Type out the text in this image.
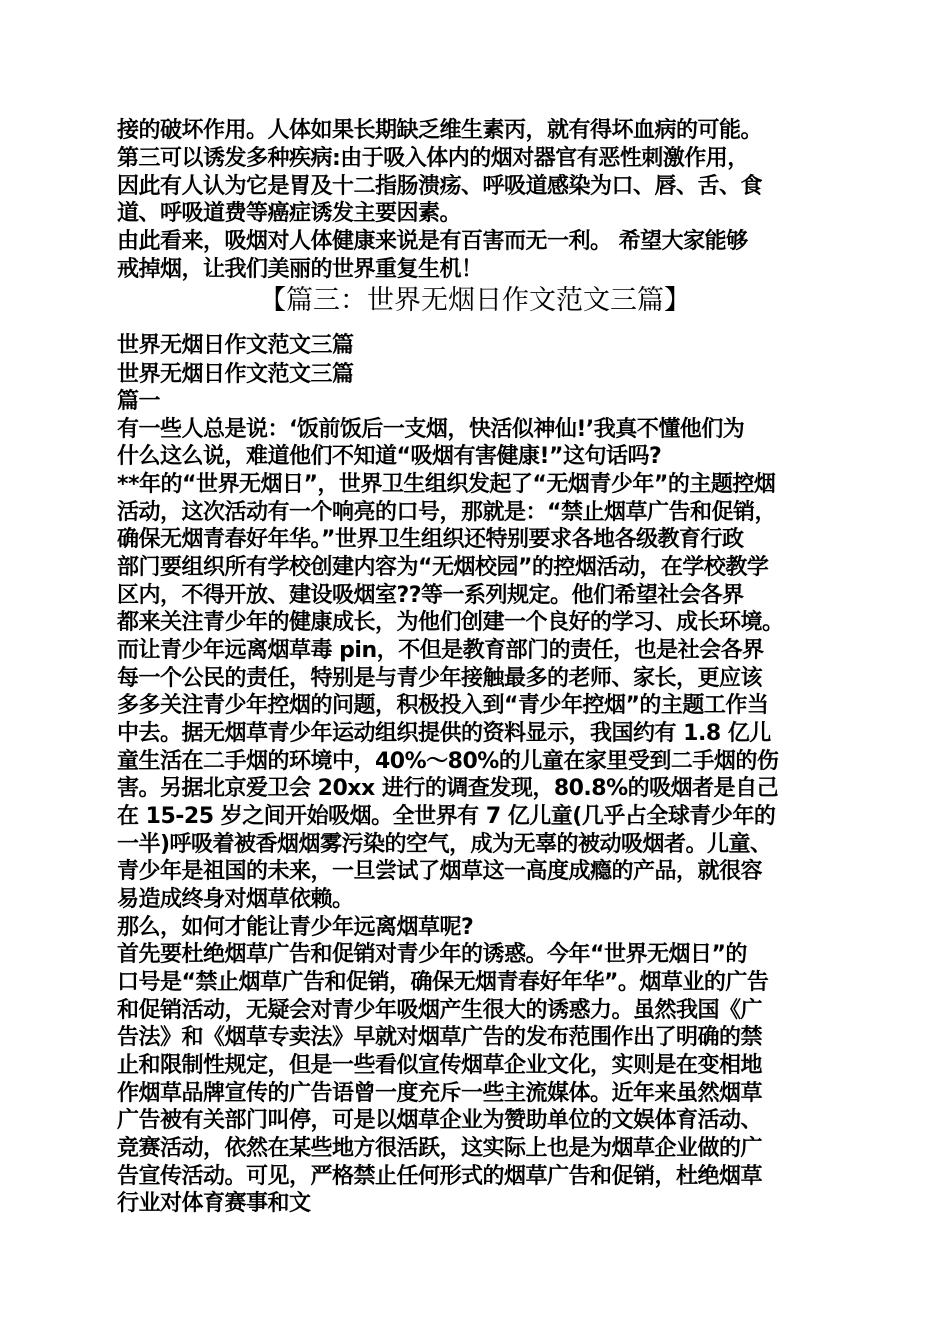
接的破坏作用。人体如果长期缺乏维生素丙，就有得坏血病的可能。
第三可以诱发多种疾病:由于吸入体内的烟对器官有恶性刺激作用，
因此有人认为它是胃及十二指肠溃疡、呼吸道感染为口、唇、舌、食
道、呼吸道费等癌症诱发主要因素。
由此看来，吸烟对人体健康来说是有百害而无一利。 希望大家能够
戒掉烟，让我们美丽的世界重复生机！
【篇三：世界无烟日作文范文三篇】
世界无烟日作文范文三篇
世界无烟日作文范文三篇
篇一
有一些人总是说：‘饭前饭后一支烟，快活似神仙!’我真不懂他们为
什么这么说，难道他们不知道“吸烟有害健康!”这句话吗?
**年的“世界无烟日”，世界卫生组织发起了“无烟青少年”的主题控烟
活动，这次活动有一个响亮的口号，那就是：“禁止烟草广告和促销，
确保无烟青春好年华。”世界卫生组织还特别要求各地各级教育行政
部门要组织所有学校创建内容为“无烟校园”的控烟活动，在学校教学
区内，不得开放、建设吸烟室??等一系列规定。他们希望社会各界
都来关注青少年的健康成长，为他们创建一个良好的学习、成长环境。
而让青少年远离烟草毒 pin，不但是教育部门的责任，也是社会各界
每一个公民的责任，特别是与青少年接触最多的老师、家长，更应该
多多关注青少年控烟的问题，积极投入到“青少年控烟”的主题工作当
中去。据无烟草青少年运动组织提供的资料显示，我国约有 1.8 亿儿
童生活在二手烟的环境中，40%～80%的儿童在家里受到二手烟的伤
害。另据北京爱卫会 20xx 进行的调查发现，80.8%的吸烟者是自己
在 15-25 岁之间开始吸烟。全世界有 7 亿儿童(几乎占全球青少年的
一半)呼吸着被香烟烟雾污染的空气，成为无辜的被动吸烟者。儿童、
青少年是祖国的未来，一旦尝试了烟草这一高度成瘾的产品，就很容
易造成终身对烟草依赖。
那么，如何才能让青少年远离烟草呢?
首先要杜绝烟草广告和促销对青少年的诱惑。今年“世界无烟日”的
口号是“禁止烟草广告和促销，确保无烟青春好年华”。烟草业的广告
和促销活动，无疑会对青少年吸烟产生很大的诱惑力。虽然我国《广
告法》和《烟草专卖法》早就对烟草广告的发布范围作出了明确的禁
止和限制性规定，但是一些看似宣传烟草企业文化，实则是在变相地
作烟草品牌宣传的广告语曾一度充斥一些主流媒体。近年来虽然烟草
广告被有关部门叫停，可是以烟草企业为赞助单位的文娱体育活动、
竞赛活动，依然在某些地方很活跃，这实际上也是为烟草企业做的广
告宣传活动。可见，严格禁止任何形式的烟草广告和促销，杜绝烟草
行业对体育赛事和文
